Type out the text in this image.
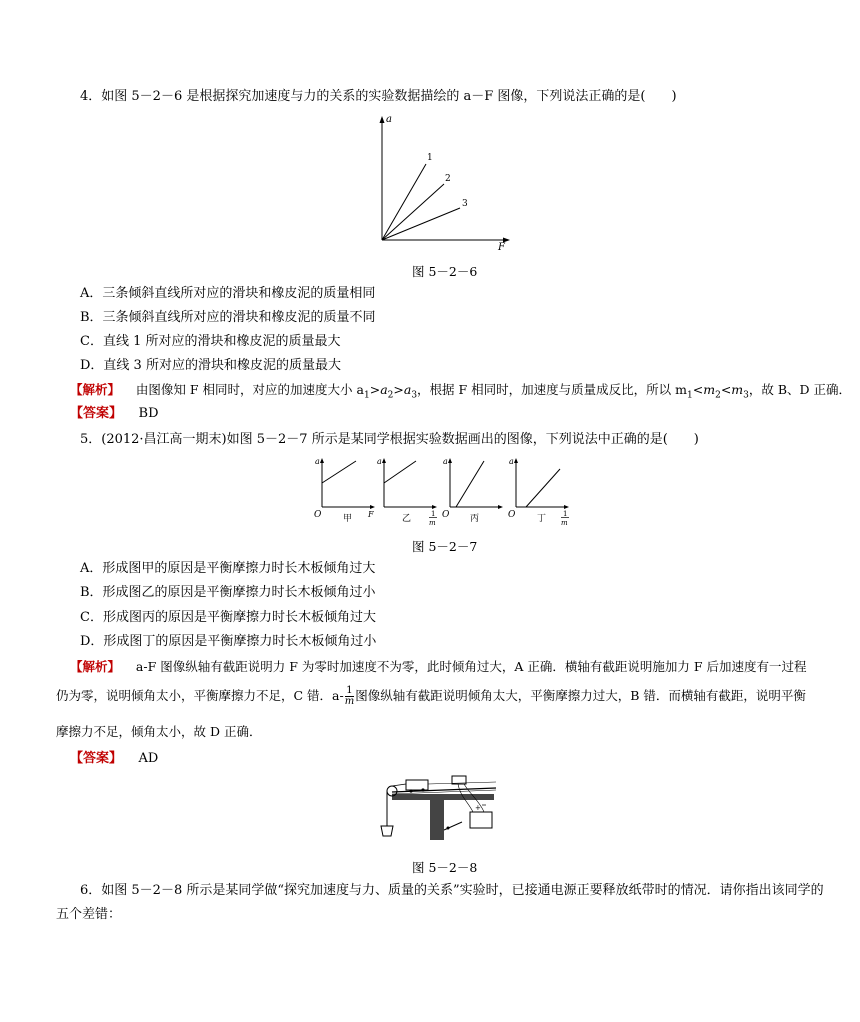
4．如图 5－2－6 是根据探究加速度与力的关系的实验数据描绘的 a－F 图像，下列说法正确的是(　　)
a
F
1
2
3
图 5－2－6
A．三条倾斜直线所对应的滑块和橡皮泥的质量相同
B．三条倾斜直线所对应的滑块和橡皮泥的质量不同
C．直线 1 所对应的滑块和橡皮泥的质量最大
D．直线 3 所对应的滑块和橡皮泥的质量最大
【解析】 由图像知 F 相同时，对应的加速度大小 $a_1>a_2>a_3$，根据 F 相同时，加速度与质量成反比，所以 $m_1<m_2<m_3$，故 B、D 正确．
【答案】 BD
5．(2012·昌江高一期末)如图 5－2－7 所示是某同学根据实验数据画出的图像，下列说法中正确的是(　　)
a
O 甲 F
a
乙	1
m
a
O 丙
a
O 丁 1
m
图 5－2－7
A．形成图甲的原因是平衡摩擦力时长木板倾角过大
B．形成图乙的原因是平衡摩擦力时长木板倾角过小
C．形成图丙的原因是平衡摩擦力时长木板倾角过大
D．形成图丁的原因是平衡摩擦力时长木板倾角过小
【解析】 a-F 图像纵轴有截距说明力 F 为零时加速度不为零，此时倾角过大，A 正确．横轴有截距说明施加力 F 后加速度有一过程
仍为零，说明倾角太小，平衡摩擦力不足，C 错．$a- \frac{1}{m}$ 图像纵轴有截距说明倾角太大，平衡摩擦力过大，B 错．而横轴有截距，说明平衡
摩擦力不足，倾角太小，故 D 正确．
【答案】 AD
+
图 5－2－8
6．如图 5－2－8 所示是某同学做“探究加速度与力、质量的关系”实验时，已接通电源正要释放纸带时的情况．请你指出该同学的
五个差错：
